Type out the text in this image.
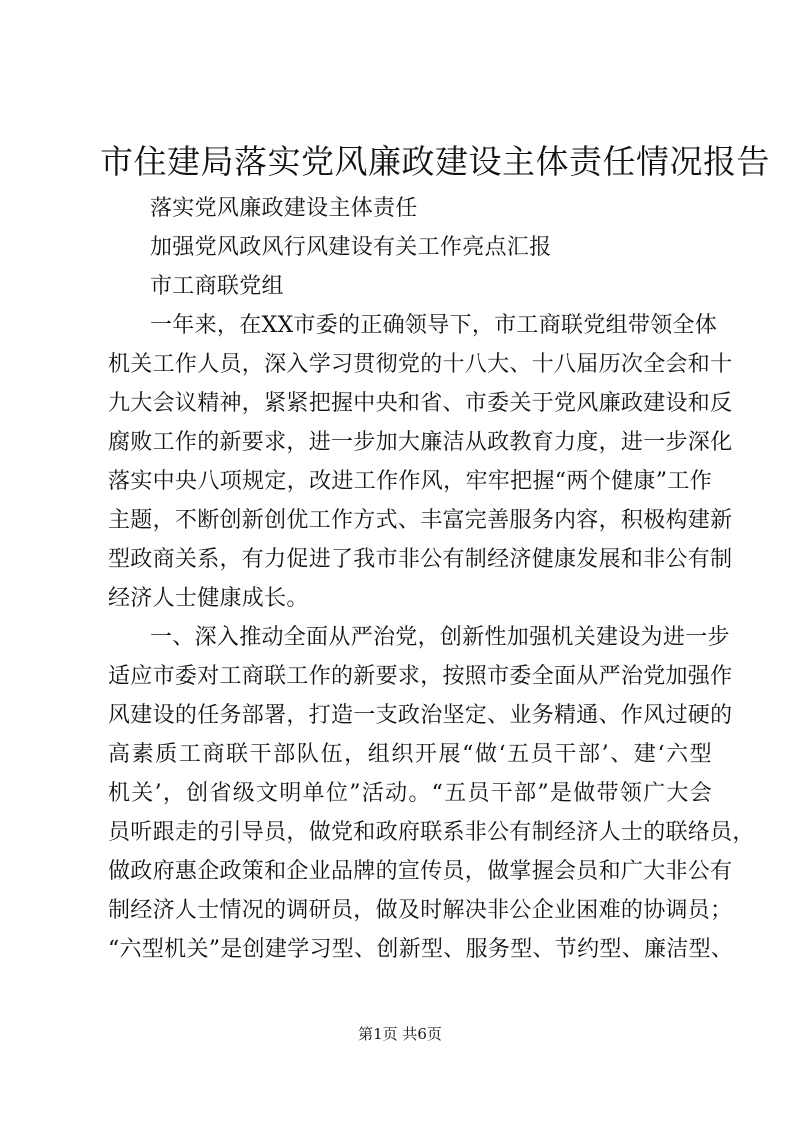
市住建局落实党风廉政建设主体责任情况报告

落实党风廉政建设主体责任

加强党风政风行风建设有关工作亮点汇报

市工商联党组

一年来，在XX市委的正确领导下，市工商联党组带领全体

机关工作人员，深入学习贯彻党的十八大、十八届历次全会和十

九大会议精神，紧紧把握中央和省、市委关于党风廉政建设和反

腐败工作的新要求，进一步加大廉洁从政教育力度，进一步深化

落实中央八项规定，改进工作作风，牢牢把握“两个健康”工作

主题，不断创新创优工作方式、丰富完善服务内容，积极构建新

型政商关系，有力促进了我市非公有制经济健康发展和非公有制

经济人士健康成长。

一、深入推动全面从严治党，创新性加强机关建设为进一步

适应市委对工商联工作的新要求，按照市委全面从严治党加强作

风建设的任务部署，打造一支政治坚定、业务精通、作风过硬的

高素质工商联干部队伍，组织开展“做‘五员干部’、建‘六型

机关’，创省级文明单位”活动。“五员干部”是做带领广大会

员听跟走的引导员，做党和政府联系非公有制经济人士的联络员，

做政府惠企政策和企业品牌的宣传员，做掌握会员和广大非公有

制经济人士情况的调研员，做及时解决非公企业困难的协调员；

“六型机关”是创建学习型、创新型、服务型、节约型、廉洁型、

第1页 共6页
